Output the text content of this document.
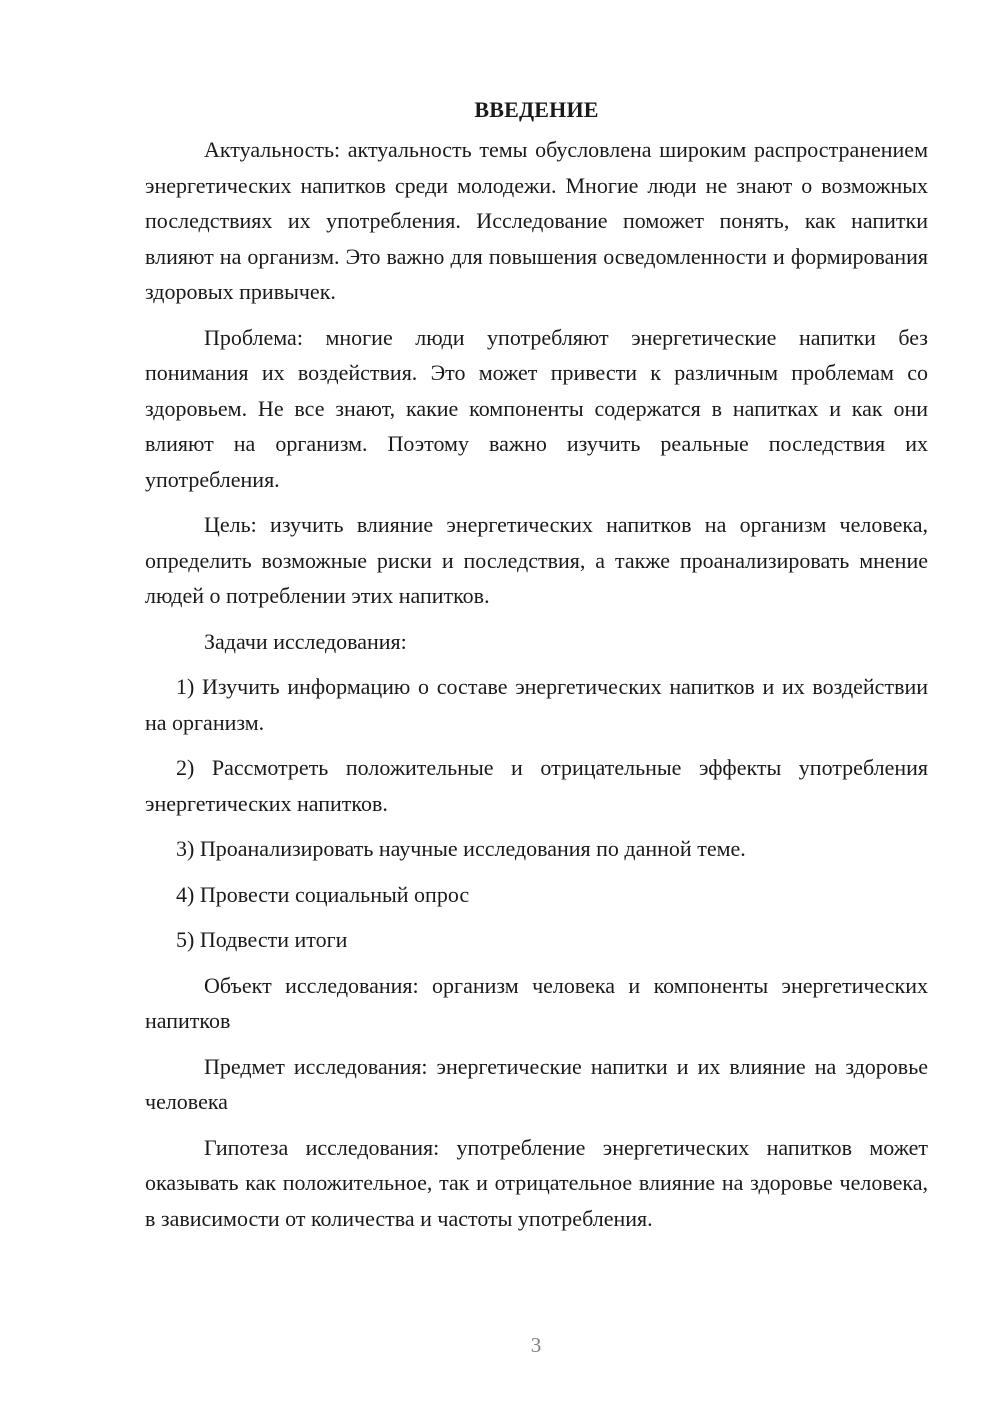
ВВЕДЕНИЕ

Актуальность: актуальность темы обусловлена широким распространением энергетических напитков среди молодежи. Многие люди не знают о возможных последствиях их употребления. Исследование поможет понять, как напитки влияют на организм. Это важно для повышения осведомленности и формирования здоровых привычек.

Проблема: многие люди употребляют энергетические напитки без понимания их воздействия. Это может привести к различным проблемам со здоровьем. Не все знают, какие компоненты содержатся в напитках и как они влияют на организм. Поэтому важно изучить реальные последствия их употребления.

Цель: изучить влияние энергетических напитков на организм человека, определить возможные риски и последствия, а также проанализировать мнение людей о потреблении этих напитков.

Задачи исследования:

1) Изучить информацию о составе энергетических напитков и их воздействии на организм.

2) Рассмотреть положительные и отрицательные эффекты употребления энергетических напитков.

3) Проанализировать научные исследования по данной теме.

4) Провести социальный опрос

5) Подвести итоги

Объект исследования: организм человека и компоненты энергетических напитков

Предмет исследования: энергетические напитки и их влияние на здоровье человека

Гипотеза исследования: употребление энергетических напитков может оказывать как положительное, так и отрицательное влияние на здоровье человека, в зависимости от количества и частоты употребления.

3
